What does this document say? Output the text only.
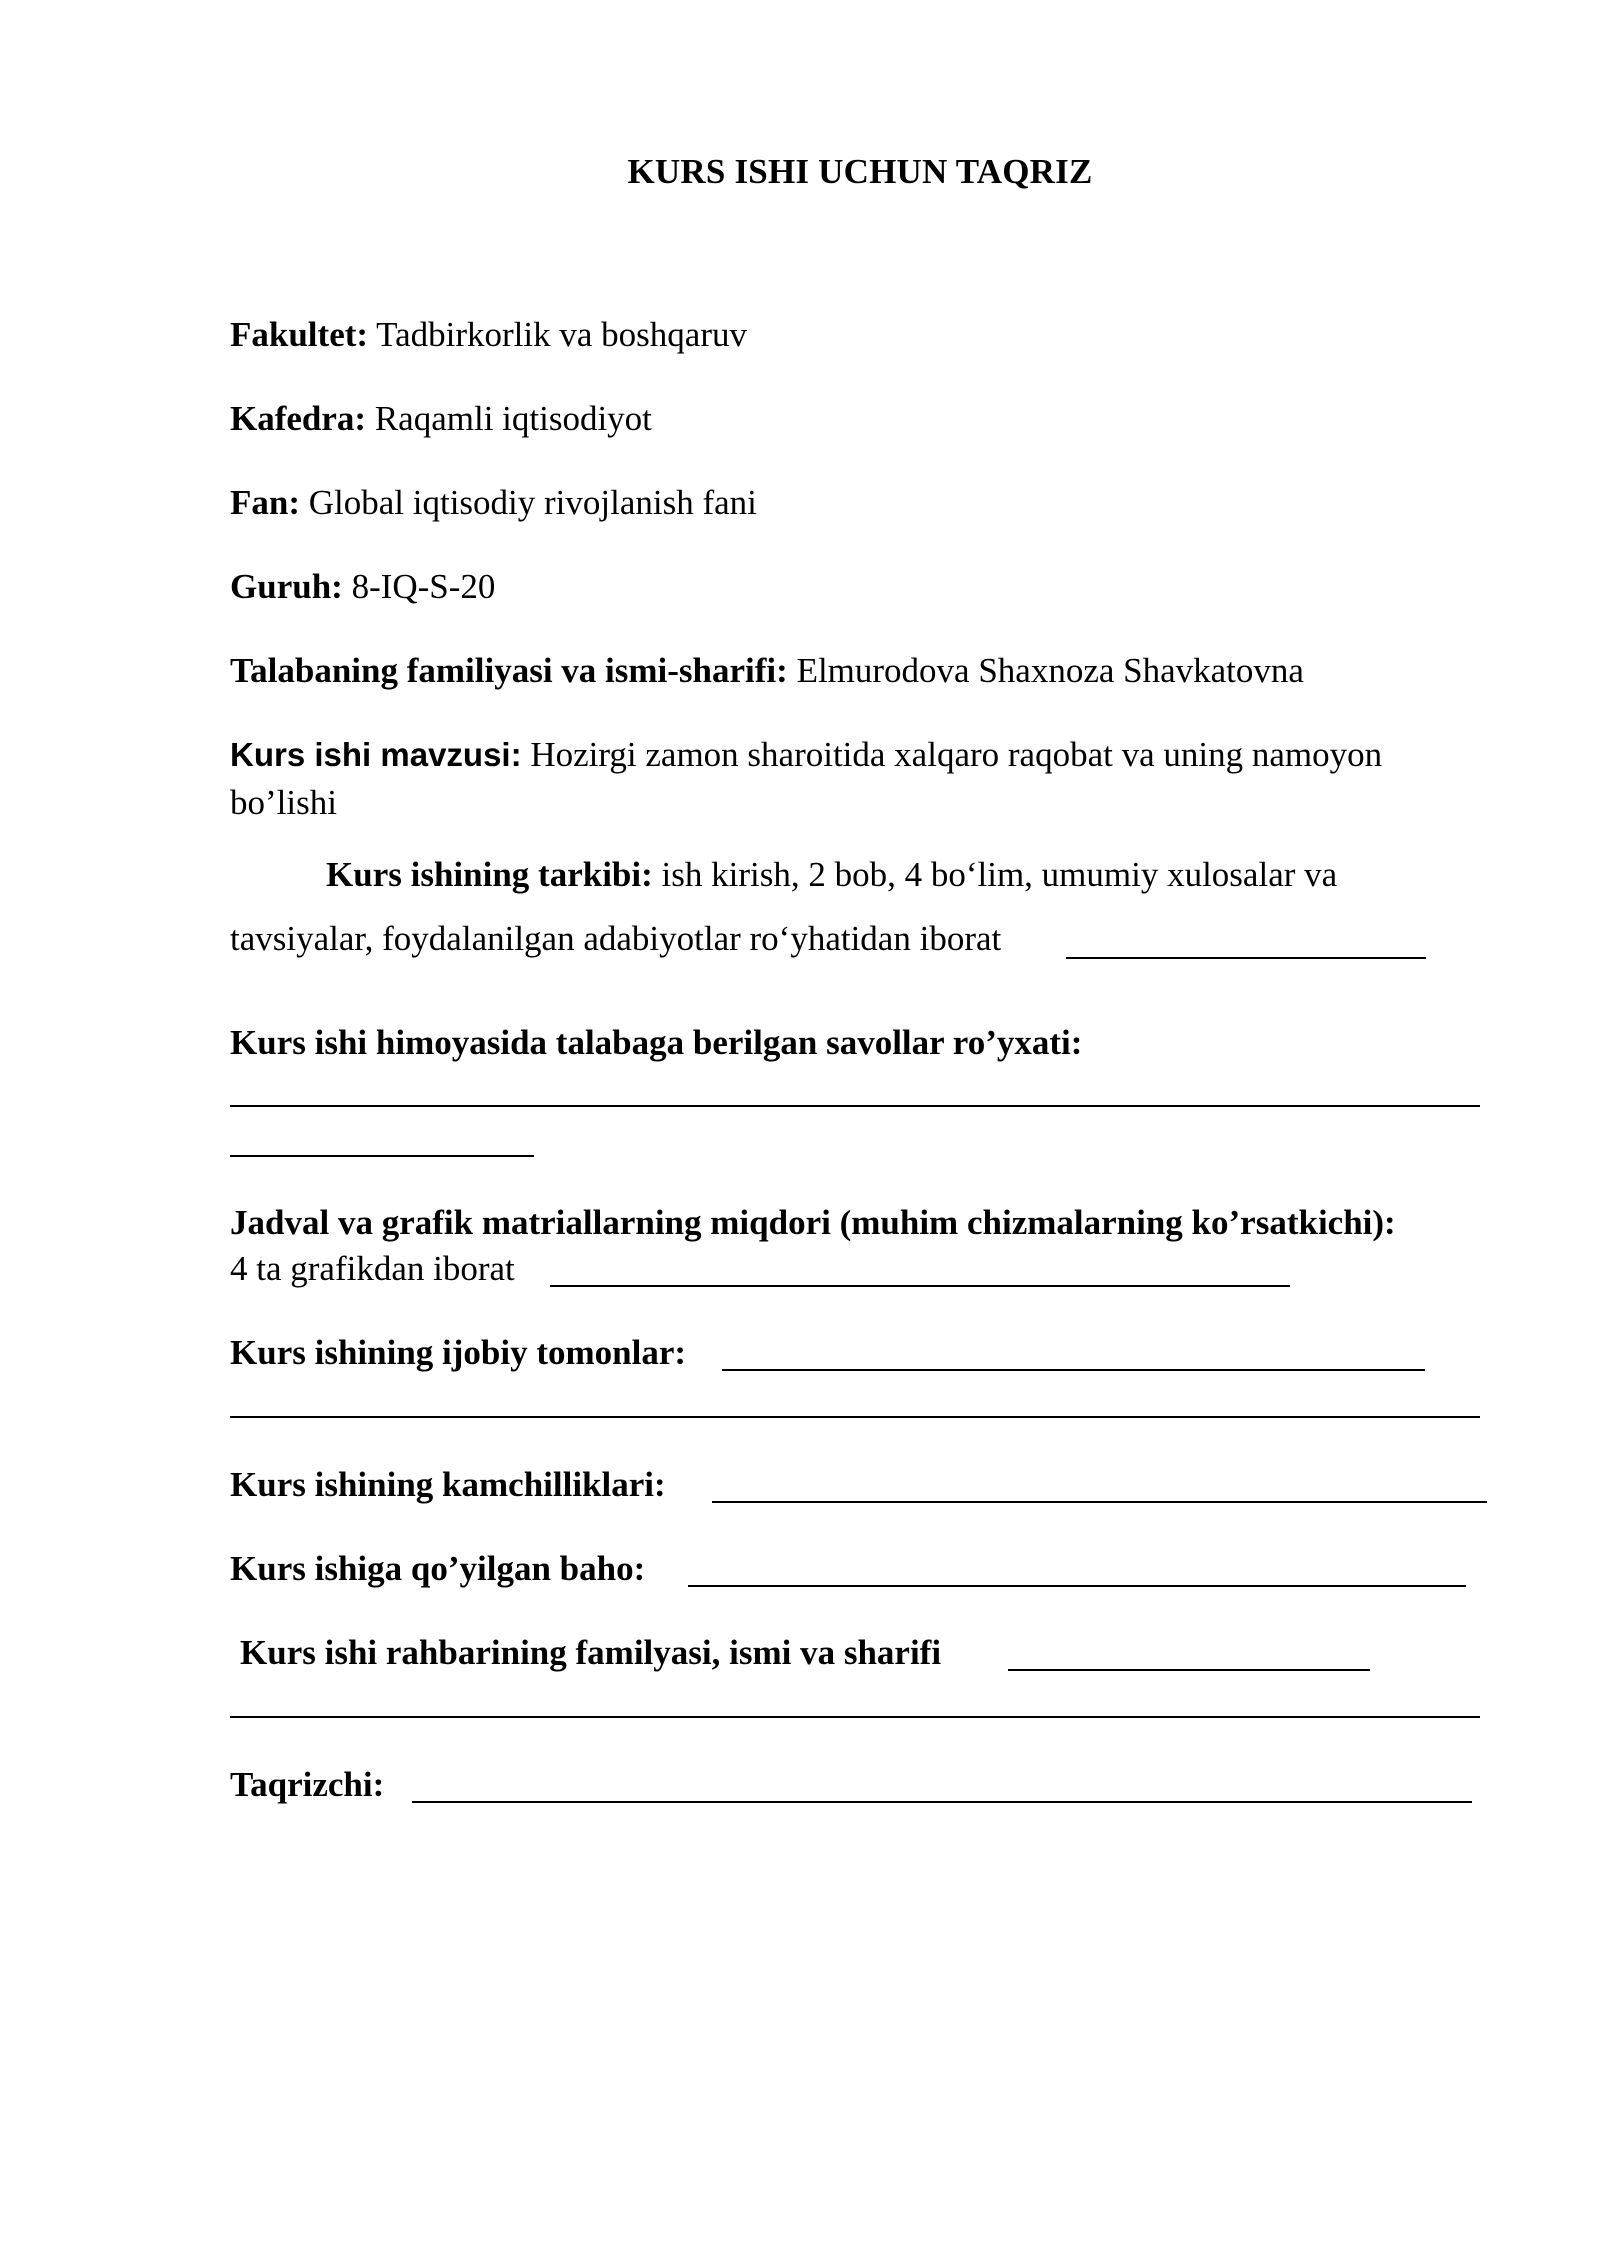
KURS ISHI UCHUN TAQRIZ
Fakultet: Tadbirkorlik va boshqaruv
Kafedra: Raqamli iqtisodiyot
Fan: Global iqtisodiy rivojlanish fani
Guruh: 8-IQ-S-20
Talabaning familiyasi va ismi-sharifi: Elmurodova Shaxnoza Shavkatovna
Kurs ishi mavzusi: Hozirgi zamon sharoitida xalqaro raqobat va uning namoyon
bo’lishi
Kurs ishining tarkibi: ish kirish, 2 bob, 4 bo‘lim, umumiy xulosalar va
tavsiyalar, foydalanilgan adabiyotlar ro‘yhatidan iborat
Kurs ishi himoyasida talabaga berilgan savollar ro’yxati:
Jadval va grafik matriallarning miqdori (muhim chizmalarning ko’rsatkichi):
4 ta grafikdan iborat
Kurs ishining ijobiy tomonlar:
Kurs ishining kamchilliklari:
Kurs ishiga qo’yilgan baho:
Kurs ishi rahbarining familyasi, ismi va sharifi
Taqrizchi:
